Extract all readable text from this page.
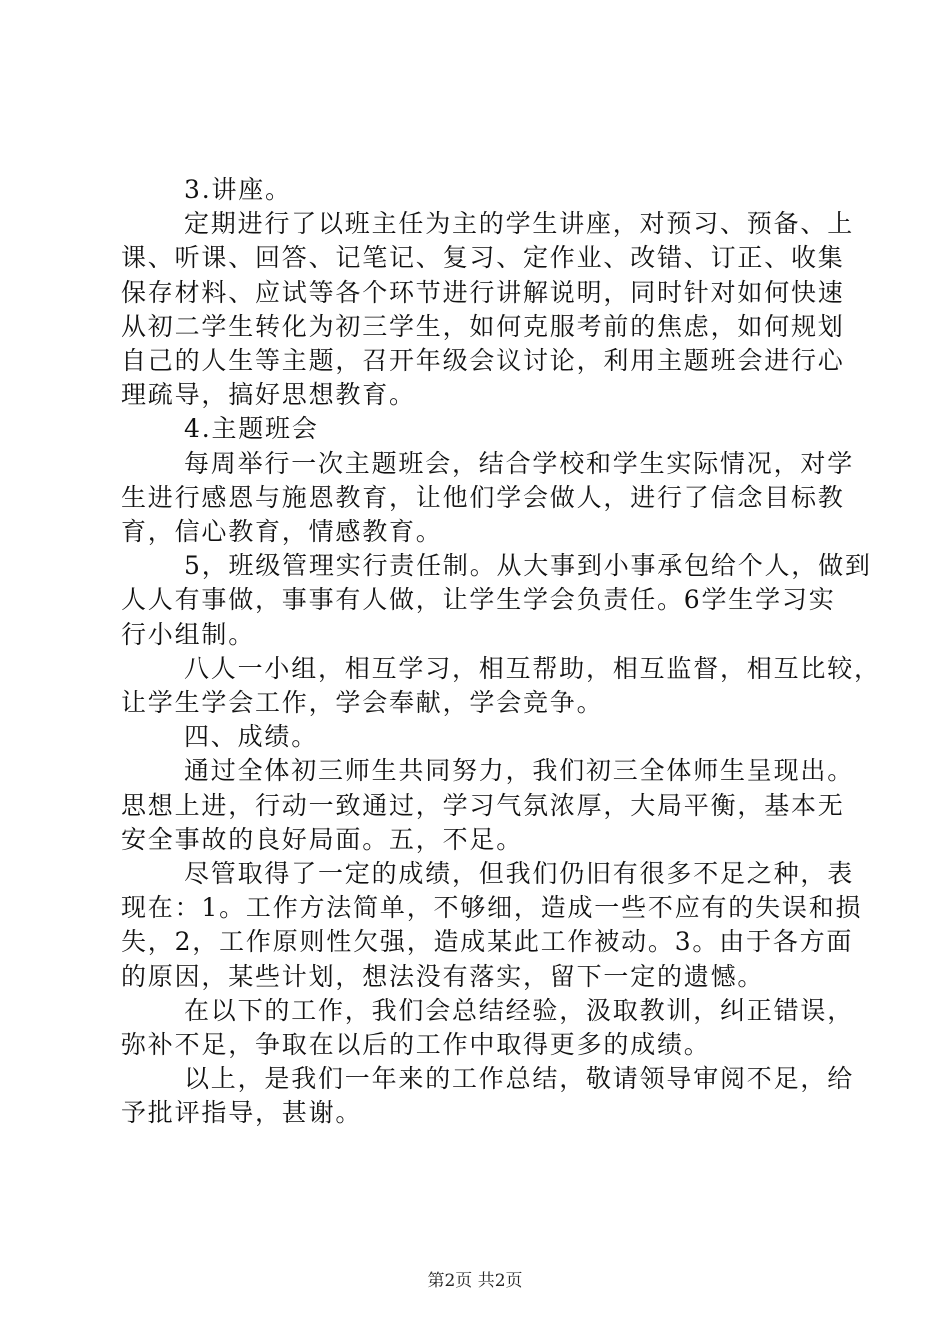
3.讲座。
定期进行了以班主任为主的学生讲座，对预习、预备、上
课、听课、回答、记笔记、复习、定作业、改错、订正、收集
保存材料、应试等各个环节进行讲解说明，同时针对如何快速
从初二学生转化为初三学生，如何克服考前的焦虑，如何规划
自己的人生等主题，召开年级会议讨论，利用主题班会进行心
理疏导，搞好思想教育。
4.主题班会
每周举行一次主题班会，结合学校和学生实际情况，对学
生进行感恩与施恩教育，让他们学会做人，进行了信念目标教
育，信心教育，情感教育。
5，班级管理实行责任制。从大事到小事承包给个人，做到
人人有事做，事事有人做，让学生学会负责任。6学生学习实
行小组制。
八人一小组，相互学习，相互帮助，相互监督，相互比较，
让学生学会工作，学会奉献，学会竞争。
四、成绩。
通过全体初三师生共同努力，我们初三全体师生呈现出。
思想上进，行动一致通过，学习气氛浓厚，大局平衡，基本无
安全事故的良好局面。五，不足。
尽管取得了一定的成绩，但我们仍旧有很多不足之种，表
现在：1。工作方法简单，不够细，造成一些不应有的失误和损
失，2，工作原则性欠强，造成某此工作被动。3。由于各方面
的原因，某些计划，想法没有落实，留下一定的遗憾。
在以下的工作，我们会总结经验，汲取教训，纠正错误，
弥补不足，争取在以后的工作中取得更多的成绩。
以上，是我们一年来的工作总结，敬请领导审阅不足，给
予批评指导，甚谢。
第2页 共2页
